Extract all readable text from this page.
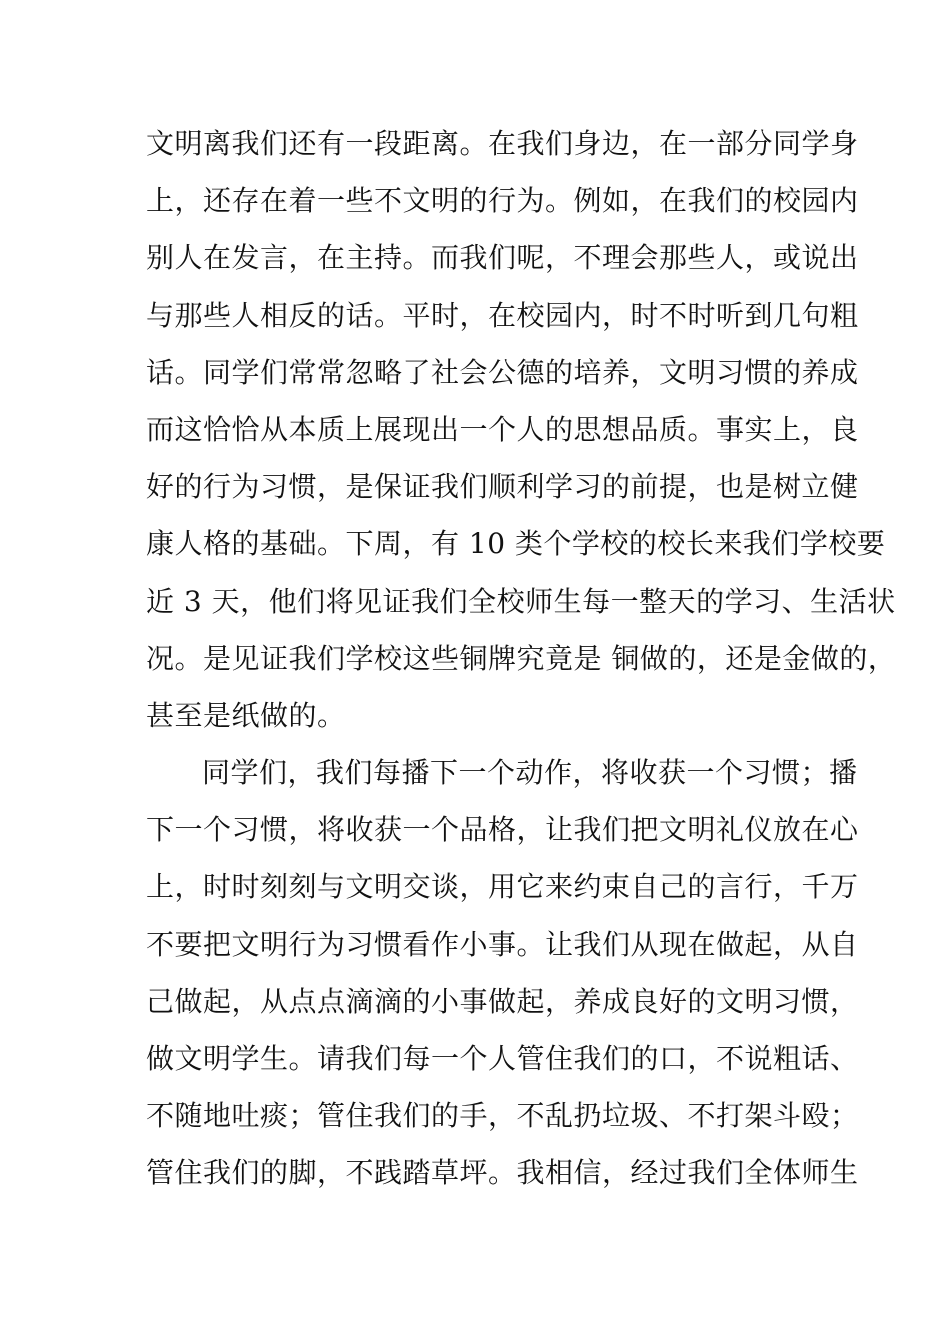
文明离我们还有一段距离。在我们身边，在一部分同学身
上，还存在着一些不文明的行为。例如，在我们的校园内
别人在发言，在主持。而我们呢，不理会那些人，或说出
与那些人相反的话。平时，在校园内，时不时听到几句粗
话。同学们常常忽略了社会公德的培养，文明习惯的养成
而这恰恰从本质上展现出一个人的思想品质。事实上，良
好的行为习惯，是保证我们顺利学习的前提，也是树立健
康人格的基础。下周，有 10 类个学校的校长来我们学校要
近 3 天，他们将见证我们全校师生每一整天的学习、生活状
况。是见证我们学校这些铜牌究竟是 铜做的，还是金做的，
甚至是纸做的。
同学们，我们每播下一个动作，将收获一个习惯；播
下一个习惯，将收获一个品格，让我们把文明礼仪放在心
上，时时刻刻与文明交谈，用它来约束自己的言行，千万
不要把文明行为习惯看作小事。让我们从现在做起，从自
己做起，从点点滴滴的小事做起，养成良好的文明习惯，
做文明学生。请我们每一个人管住我们的口，不说粗话、
不随地吐痰；管住我们的手，不乱扔垃圾、不打架斗殴；
管住我们的脚，不践踏草坪。我相信，经过我们全体师生
